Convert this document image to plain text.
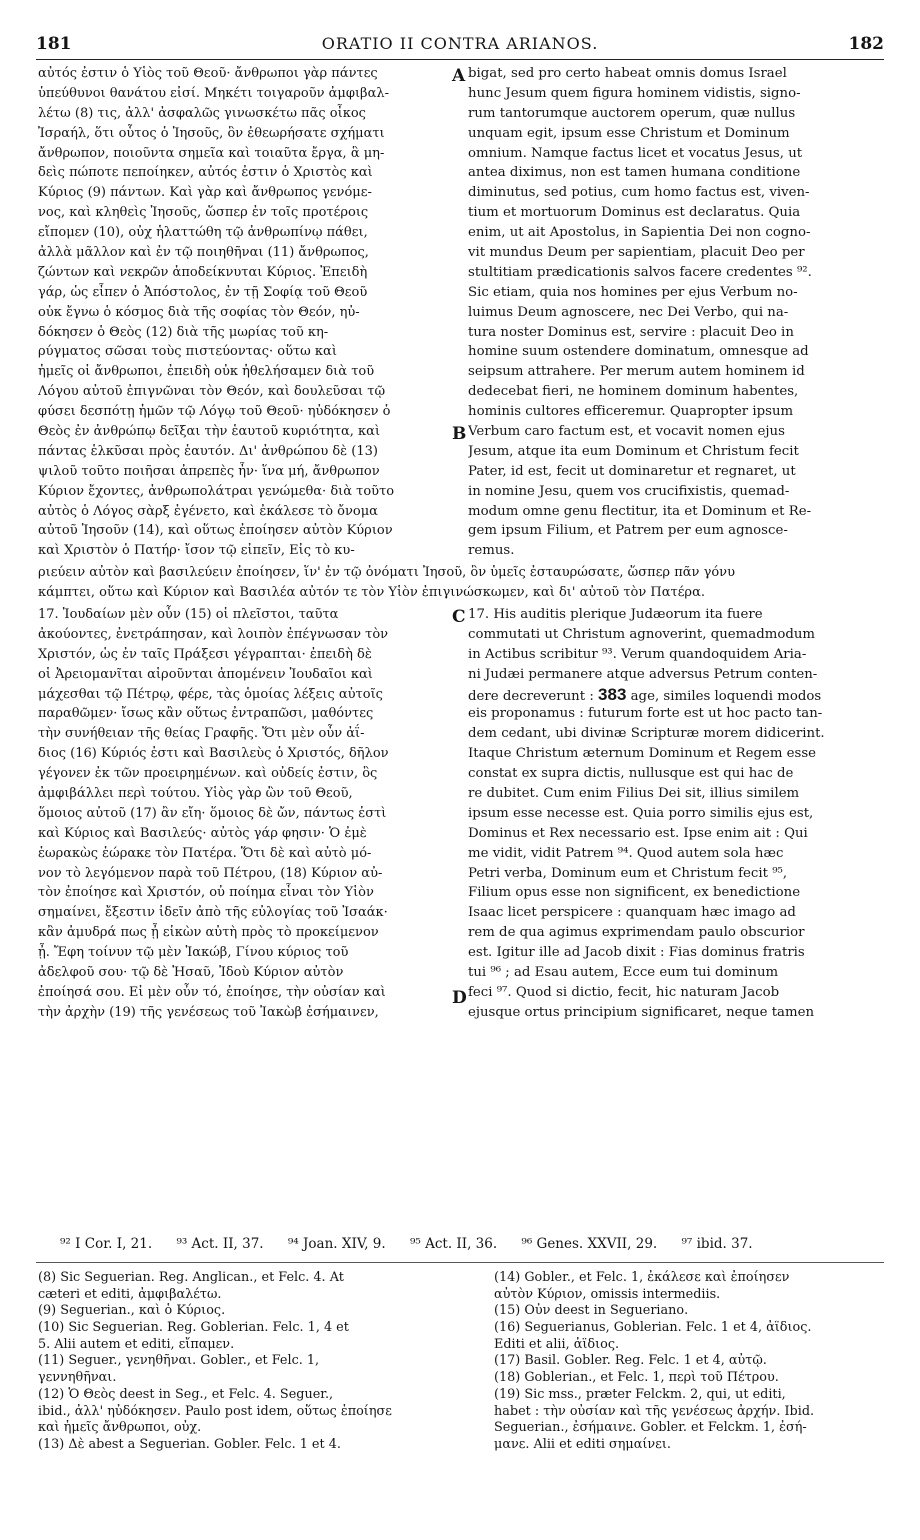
181	ORATIO II CONTRA ARIANOS.	182
αὐτός ἐστιν ὁ Υἱὸς τοῦ Θεοῦ· ἄνθρωποι γὰρ πάντες
ὑπεύθυνοι θανάτου εἰσί. Μηκέτι τοιγαροῦν ἀμφιβαλ-
λέτω (8) τις, ἀλλ' ἀσφαλῶς γινωσκέτω πᾶς οἶκος
Ἰσραήλ, ὅτι οὗτος ὁ Ἰησοῦς, ὃν ἐθεωρήσατε σχήματι
ἄνθρωπον, ποιοῦντα σημεῖα καὶ τοιαῦτα ἔργα, ἃ μη-
δεὶς πώποτε πεποίηκεν, αὐτός ἐστιν ὁ Χριστὸς καὶ
Κύριος (9) πάντων. Καὶ γὰρ καὶ ἄνθρωπος γενόμε-
νος, καὶ κληθεὶς Ἰησοῦς, ὥσπερ ἐν τοῖς προτέροις
εἴπομεν (10), οὐχ ἡλαττώθη τῷ ἀνθρωπίνῳ πάθει,
ἀλλὰ μᾶλλον καὶ ἐν τῷ ποιηθῆναι (11) ἄνθρωπος,
ζώντων καὶ νεκρῶν ἀποδείκνυται Κύριος. Ἐπειδὴ
γάρ, ὡς εἶπεν ὁ Ἀπόστολος, ἐν τῇ Σοφίᾳ τοῦ Θεοῦ
οὐκ ἔγνω ὁ κόσμος διὰ τῆς σοφίας τὸν Θεόν, ηὐ-
δόκησεν ὁ Θεὸς (12) διὰ τῆς μωρίας τοῦ κη-
ρύγματος σῶσαι τοὺς πιστεύοντας· οὕτω καὶ
ἡμεῖς οἱ ἄνθρωποι, ἐπειδὴ οὐκ ἠθελήσαμεν διὰ τοῦ
Λόγου αὐτοῦ ἐπιγνῶναι τὸν Θεόν, καὶ δουλεῦσαι τῷ
φύσει δεσπότῃ ἡμῶν τῷ Λόγῳ τοῦ Θεοῦ· ηὐδόκησεν ὁ
Θεὸς ἐν ἀνθρώπῳ δεῖξαι τὴν ἑαυτοῦ κυριότητα, καὶ
πάντας ἑλκῦσαι πρὸς ἑαυτόν. Δι' ἀνθρώπου δὲ (13)
ψιλοῦ τοῦτο ποιῆσαι ἀπρεπὲς ἦν· ἵνα μή, ἄνθρωπον
Κύριον ἔχοντες, ἀνθρωπολάτραι γενώμεθα· διὰ τοῦτο
αὐτὸς ὁ Λόγος σὰρξ ἐγένετο, καὶ ἐκάλεσε τὸ ὄνομα
αὐτοῦ Ἰησοῦν (14), καὶ οὕτως ἐποίησεν αὐτὸν Κύριον
καὶ Χριστὸν ὁ Πατήρ· ἴσον τῷ εἰπεῖν, Εἰς τὸ κυ-
bigat, sed pro certo habeat omnis domus Israel
hunc Jesum quem figura hominem vidistis, signo-
rum tantorumque auctorem operum, quæ nullus
unquam egit, ipsum esse Christum et Dominum
omnium. Namque factus licet et vocatus Jesus, ut
antea diximus, non est tamen humana conditione
diminutus, sed potius, cum homo factus est, viven-
tium et mortuorum Dominus est declaratus. Quia
enim, ut ait Apostolus, in Sapientia Dei non cogno-
vit mundus Deum per sapientiam, placuit Deo per
stultitiam prædicationis salvos facere credentes ⁹².
Sic etiam, quia nos homines per ejus Verbum no-
luimus Deum agnoscere, nec Dei Verbo, qui na-
tura noster Dominus est, servire : placuit Deo in
homine suum ostendere dominatum, omnesque ad
seipsum attrahere. Per merum autem hominem id
dedecebat fieri, ne hominem dominum habentes,
hominis cultores efficeremur. Quapropter ipsum
Verbum caro factum est, et vocavit nomen ejus
Jesum, atque ita eum Dominum et Christum fecit
Pater, id est, fecit ut dominaretur et regnaret, ut
in nomine Jesu, quem vos crucifixistis, quemad-
modum omne genu flectitur, ita et Dominum et Re-
gem ipsum Filium, et Patrem per eum agnosce-
remus.
ριεύειν αὐτὸν καὶ βασιλεύειν ἐποίησεν, ἵν' ἐν τῷ ὀνόματι Ἰησοῦ, ὃν ὑμεῖς ἐσταυρώσατε, ὥσπερ πᾶν γόνυ
κάμπτει, οὕτω καὶ Κύριον καὶ Βασιλέα αὐτόν τε τὸν Υἱὸν ἐπιγινώσκωμεν, καὶ δι' αὐτοῦ τὸν Πατέρα.
17. Ἰουδαίων μὲν οὖν (15) οἱ πλεῖστοι, ταῦτα
ἀκούοντες, ἐνετράπησαν, καὶ λοιπὸν ἐπέγνωσαν τὸν
Χριστόν, ὡς ἐν ταῖς Πράξεσι γέγραπται· ἐπειδὴ δὲ
οἱ Ἀρειομανῖται αἱροῦνται ἀπομένειν Ἰουδαῖοι καὶ
μάχεσθαι τῷ Πέτρῳ, φέρε, τὰς ὁμοίας λέξεις αὐτοῖς
παραθῶμεν· ἴσως κἂν οὕτως ἐντραπῶσι, μαθόντες
τὴν συνήθειαν τῆς θείας Γραφῆς. Ὅτι μὲν οὖν ἀΐ-
διος (16) Κύριός ἐστι καὶ Βασιλεὺς ὁ Χριστός, δῆλον
γέγονεν ἐκ τῶν προειρημένων. καὶ οὐδείς ἐστιν, ὃς
ἀμφιβάλλει περὶ τούτου. Υἱὸς γὰρ ὢν τοῦ Θεοῦ,
ὅμοιος αὐτοῦ (17) ἂν εἴη· ὅμοιος δὲ ὤν, πάντως ἐστὶ
καὶ Κύριος καὶ Βασιλεύς· αὐτὸς γάρ φησιν· Ὁ ἐμὲ
ἑωρακὼς ἑώρακε τὸν Πατέρα. Ὅτι δὲ καὶ αὐτὸ μό-
νον τὸ λεγόμενον παρὰ τοῦ Πέτρου, (18) Κύριον αὐ-
τὸν ἐποίησε καὶ Χριστόν, οὐ ποίημα εἶναι τὸν Υἱὸν
σημαίνει, ἔξεστιν ἰδεῖν ἀπὸ τῆς εὐλογίας τοῦ Ἰσαάκ·
κἂν ἀμυδρά πως ᾖ εἰκὼν αὐτὴ πρὸς τὸ προκείμενον
ᾖ. Ἔφη τοίνυν τῷ μὲν Ἰακώβ, Γίνου κύριος τοῦ
ἀδελφοῦ σου· τῷ δὲ Ἠσαῦ, Ἰδοὺ Κύριον αὐτὸν
ἐποίησά σου. Εἰ μὲν οὖν τό, ἐποίησε, τὴν οὐσίαν καὶ
τὴν ἀρχὴν (19) τῆς γενέσεως τοῦ Ἰακὼβ ἐσήμαινεν,
17. His auditis plerique Judæorum ita fuere
commutati ut Christum agnoverint, quemadmodum
in Actibus scribitur ⁹³. Verum quandoquidem Aria-
ni Judæi permanere atque adversus Petrum conten-
dere decreverunt : 383 age, similes loquendi modos
eis proponamus : futurum forte est ut hoc pacto tan-
dem cedant, ubi divinæ Scripturæ morem didicerint.
Itaque Christum æternum Dominum et Regem esse
constat ex supra dictis, nullusque est qui hac de
re dubitet. Cum enim Filius Dei sit, illius similem
ipsum esse necesse est. Quia porro similis ejus est,
Dominus et Rex necessario est. Ipse enim ait : Qui
me vidit, vidit Patrem ⁹⁴. Quod autem sola hæc
Petri verba, Dominum eum et Christum fecit ⁹⁵,
Filium opus esse non significent, ex benedictione
Isaac licet perspicere : quanquam hæc imago ad
rem de qua agimus exprimendam paulo obscurior
est. Igitur ille ad Jacob dixit : Fias dominus fratris
tui ⁹⁶ ; ad Esau autem, Ecce eum tui dominum
feci ⁹⁷. Quod si dictio, fecit, hic naturam Jacob
ejusque ortus principium significaret, neque tamen
A
B
C
D
⁹² I Cor. I, 21. ⁹³ Act. II, 37. ⁹⁴ Joan. XIV, 9. ⁹⁵ Act. II, 36. ⁹⁶ Genes. XXVII, 29. ⁹⁷ ibid. 37.
(8) Sic Seguerian. Reg. Anglican., et Felc. 4. At
cæteri et editi, ἀμφιβαλέτω.
(9) Seguerian., καὶ ὁ Κύριος.
(10) Sic Seguerian. Reg. Goblerian. Felc. 1, 4 et
5. Alii autem et editi, εἴπαμεν.
(11) Seguer., γενηθῆναι. Gobler., et Felc. 1,
γεννηθῆναι.
(12) Ὁ Θεὸς deest in Seg., et Felc. 4. Seguer.,
ibid., ἀλλ' ηὐδόκησεν. Paulo post idem, οὕτως ἐποίησε
καὶ ἡμεῖς ἄνθρωποι, οὐχ.
(13) Δὲ abest a Seguerian. Gobler. Felc. 1 et 4.
(14) Gobler., et Felc. 1, ἐκάλεσε καὶ ἐποίησεν
αὐτὸν Κύριον, omissis intermediis.
(15) Οὖν deest in Seguerianо.
(16) Seguerianus, Goblerian. Felc. 1 et 4, ἀΐδιος.
Editi et alii, ἀΐδιος.
(17) Basil. Gobler. Reg. Felc. 1 et 4, αὐτῷ.
(18) Goblerian., et Felc. 1, περὶ τοῦ Πέτρου.
(19) Sic mss., præter Felckm. 2, qui, ut editi,
habet : τὴν οὐσίαν καὶ τῆς γενέσεως ἀρχήν. Ibid.
Seguerian., ἐσήμαινε. Gobler. et Felckm. 1, ἐσή-
μανε. Alii et editi σημαίνει.
